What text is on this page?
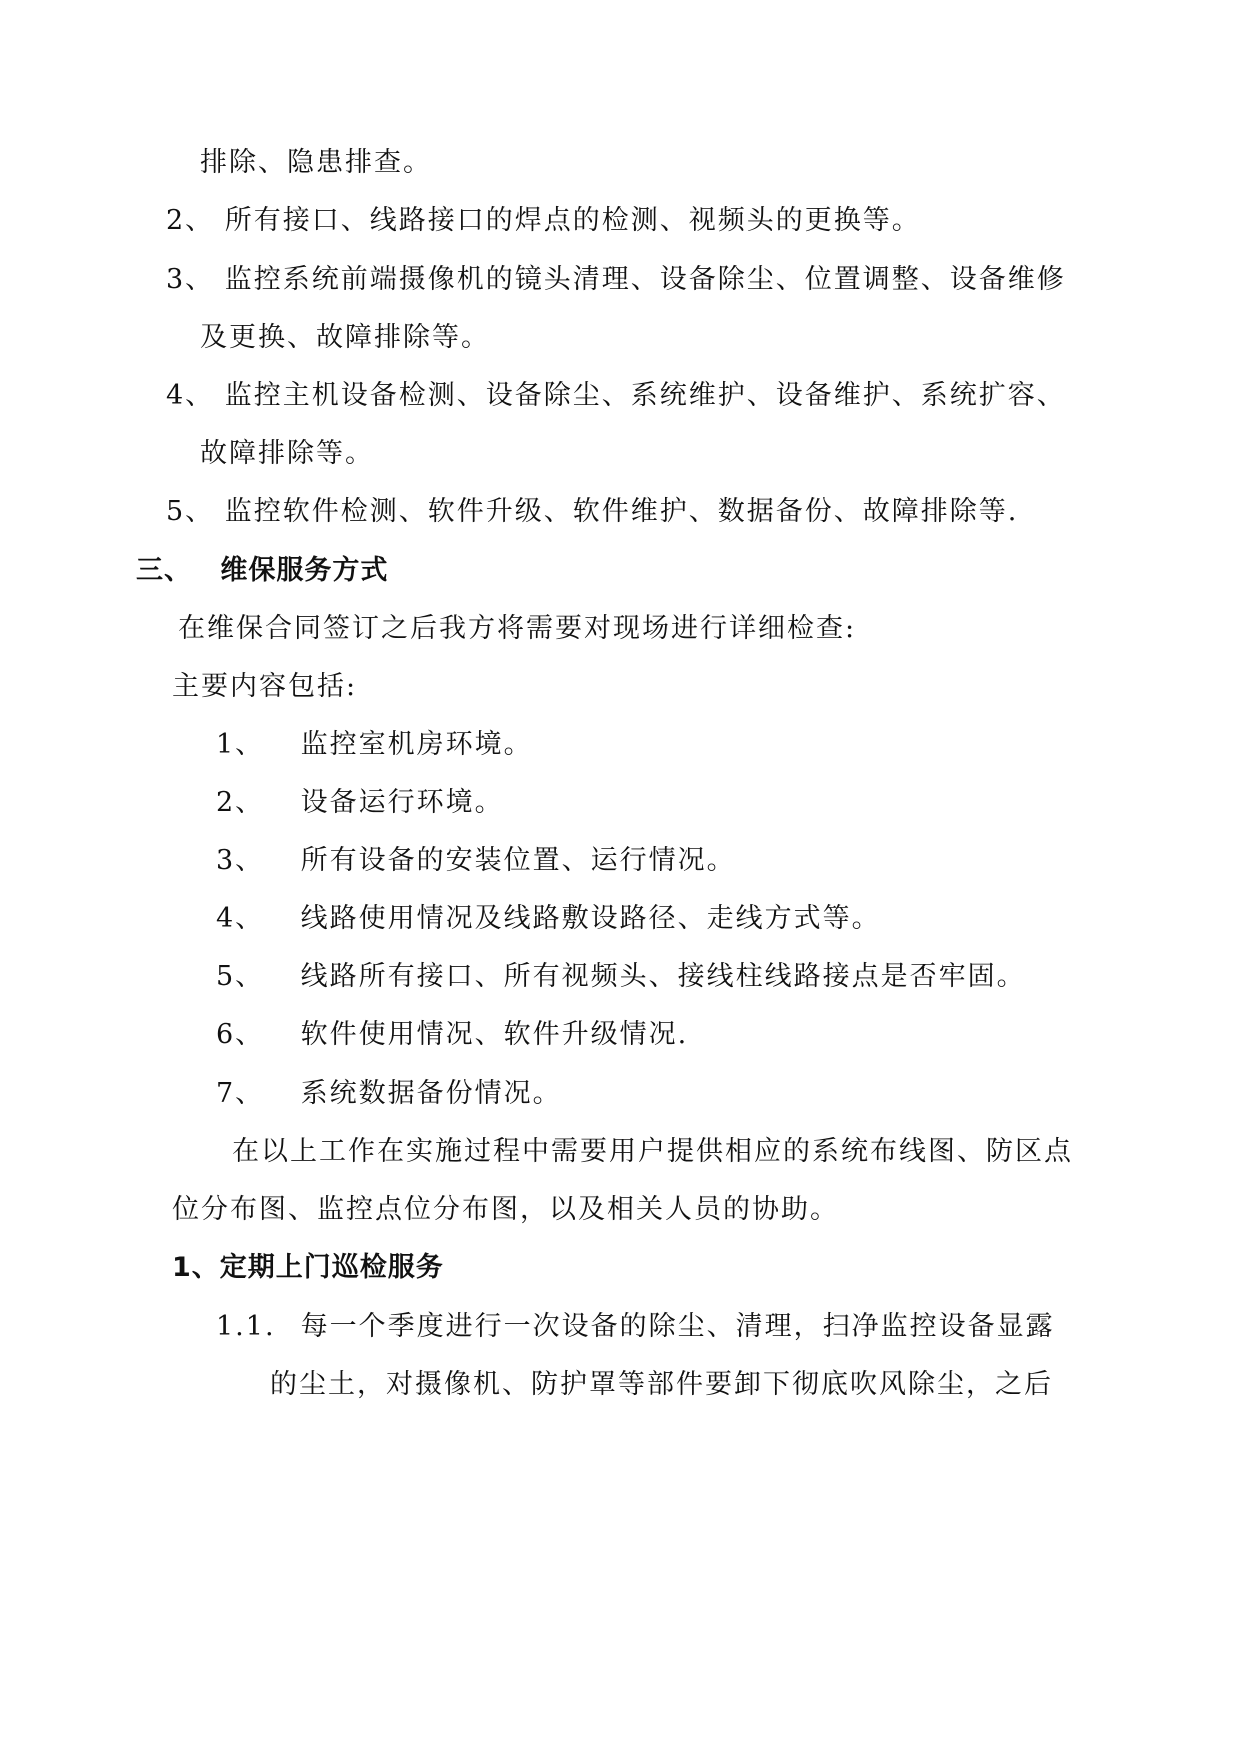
排除、隐患排查。
2、 所有接口、线路接口的焊点的检测、视频头的更换等。
3、 监控系统前端摄像机的镜头清理、设备除尘、位置调整、设备维修
及更换、故障排除等。
4、 监控主机设备检测、设备除尘、系统维护、设备维护、系统扩容、
故障排除等。
5、 监控软件检测、软件升级、软件维护、数据备份、故障排除等.
三、 维保服务方式
在维保合同签订之后我方将需要对现场进行详细检查:
主要内容包括:
1、 监控室机房环境。
2、 设备运行环境。
3、 所有设备的安装位置、运行情况。
4、 线路使用情况及线路敷设路径、走线方式等。
5、 线路所有接口、所有视频头、接线柱线路接点是否牢固。
6、 软件使用情况、软件升级情况.
7、 系统数据备份情况。
在以上工作在实施过程中需要用户提供相应的系统布线图、防区点
位分布图、监控点位分布图，以及相关人员的协助。
1、定期上门巡检服务
1.1. 每一个季度进行一次设备的除尘、清理，扫净监控设备显露
的尘土，对摄像机、防护罩等部件要卸下彻底吹风除尘，之后
